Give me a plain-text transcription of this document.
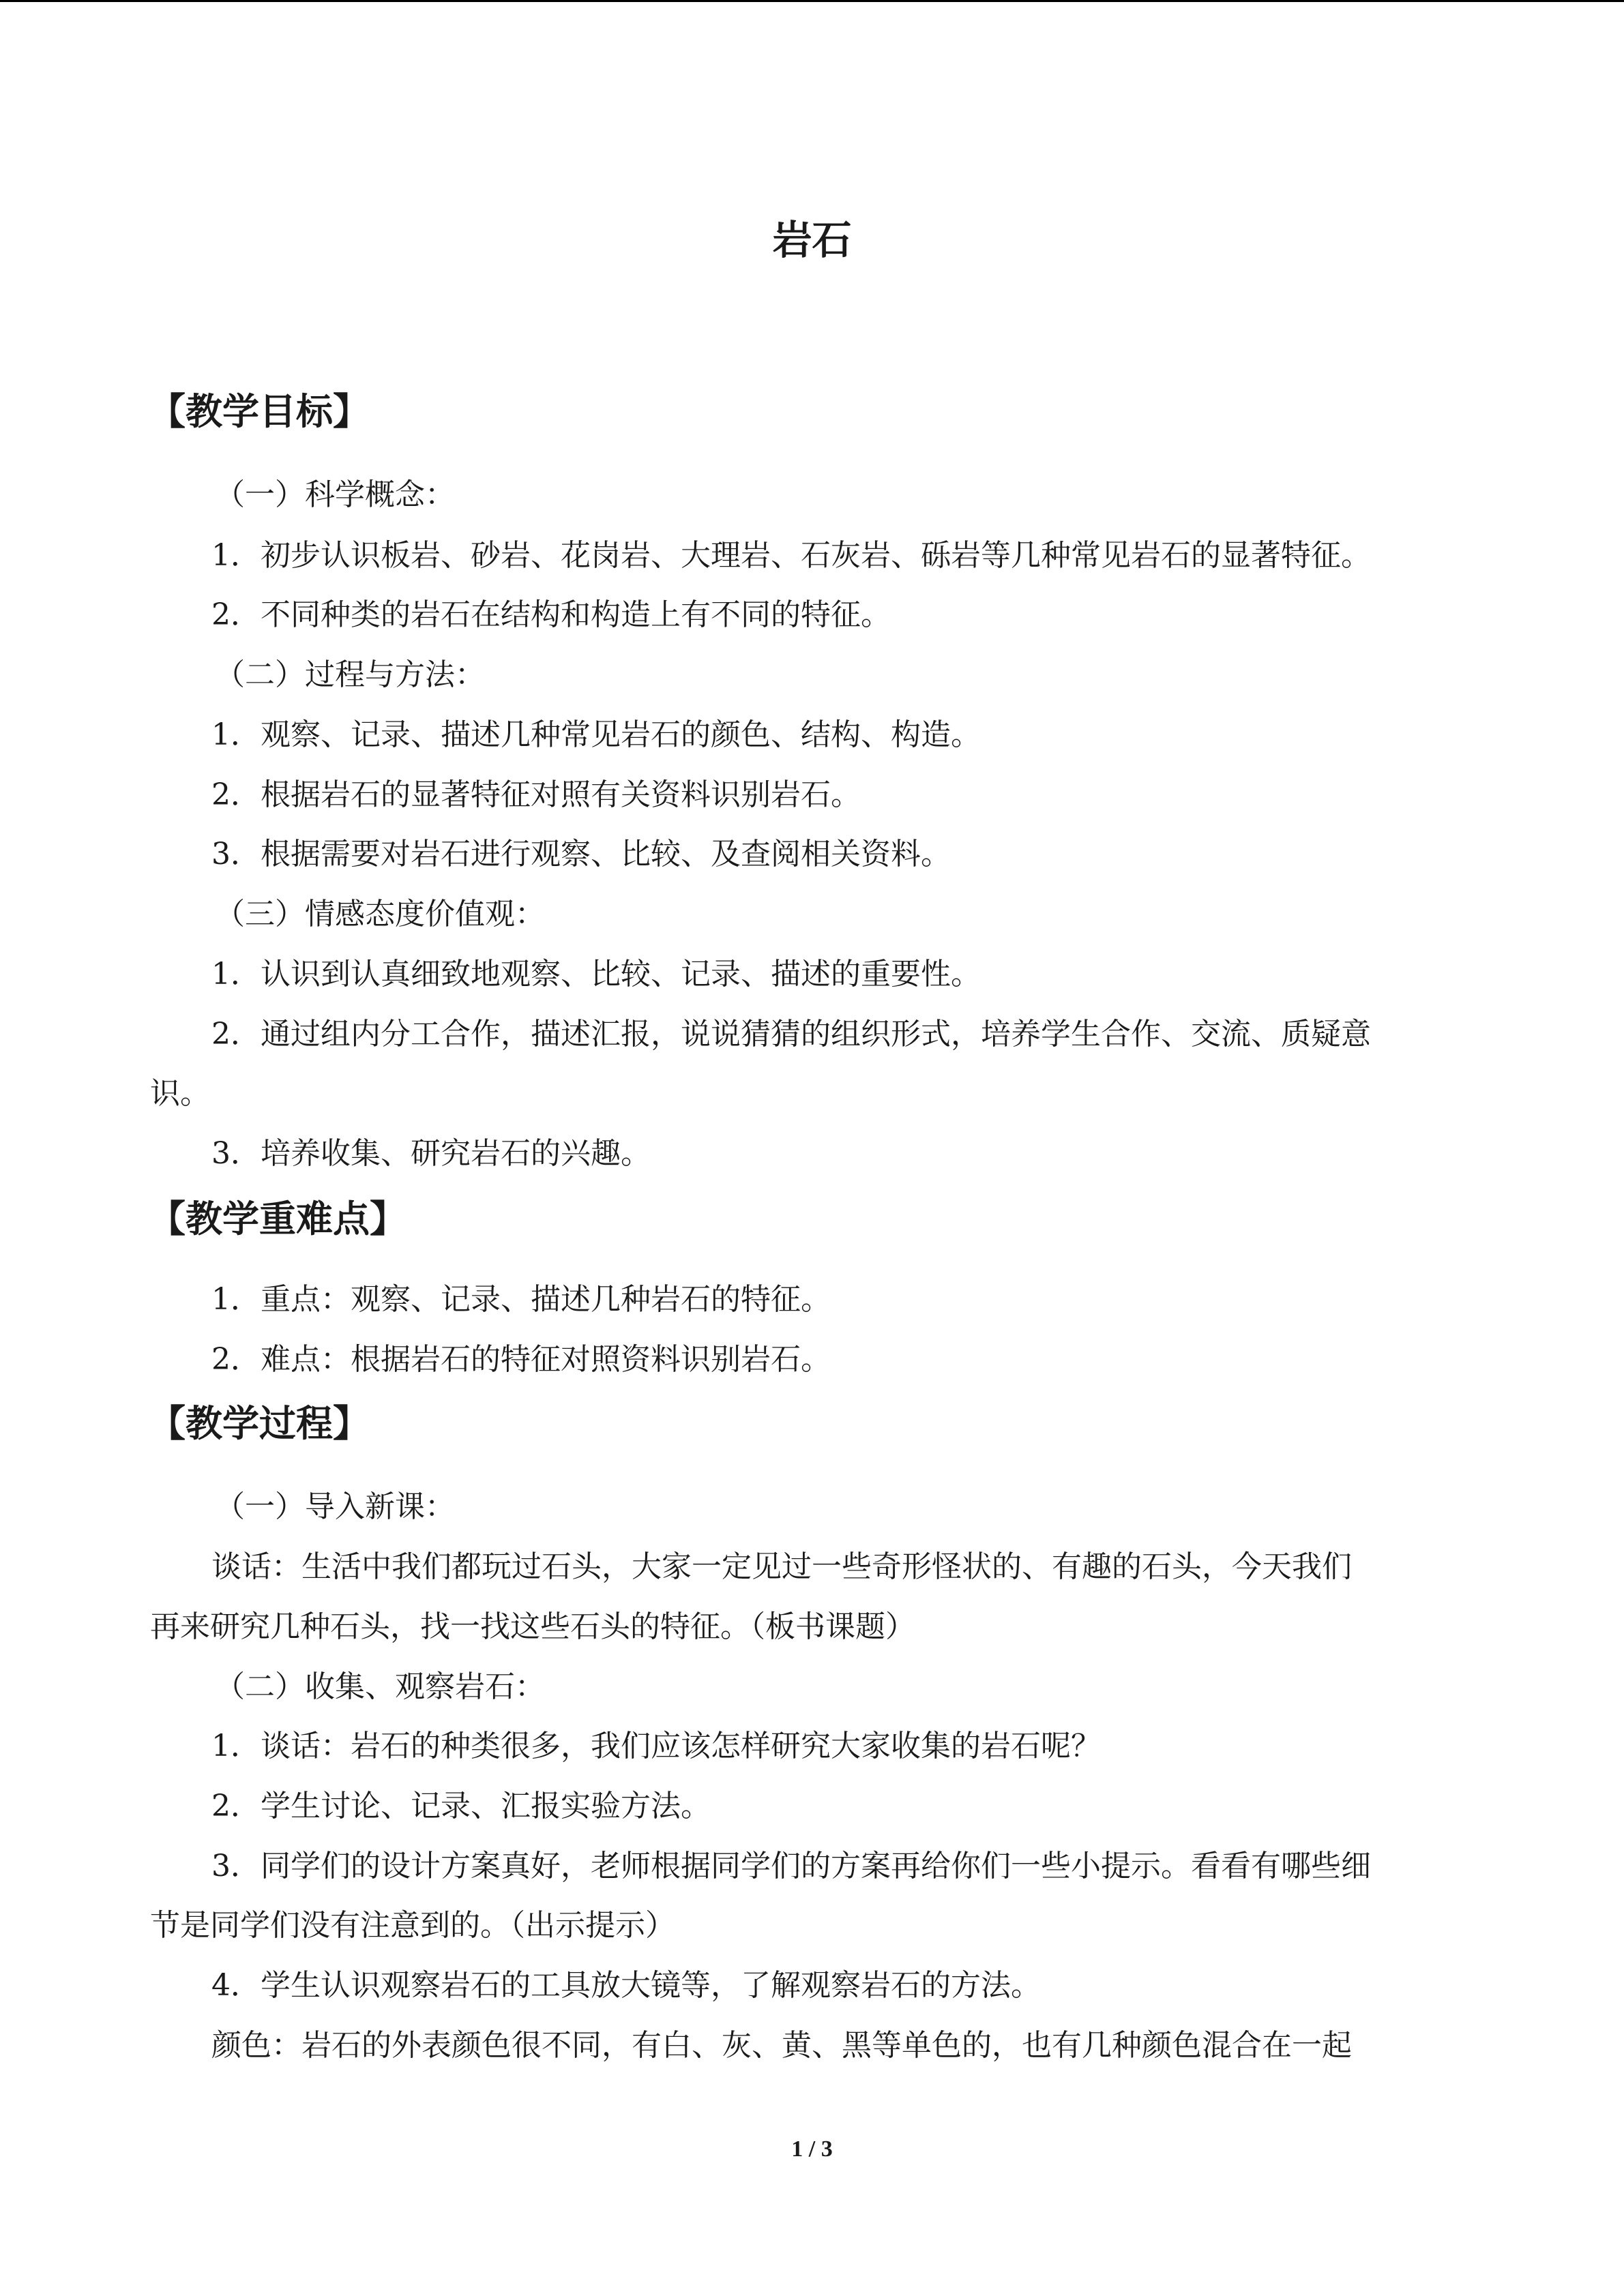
岩石
【教学目标】
（一）科学概念：
1．初步认识板岩、砂岩、花岗岩、大理岩、石灰岩、砾岩等几种常见岩石的显著特征。
2．不同种类的岩石在结构和构造上有不同的特征。
（二）过程与方法：
1．观察、记录、描述几种常见岩石的颜色、结构、构造。
2．根据岩石的显著特征对照有关资料识别岩石。
3．根据需要对岩石进行观察、比较、及查阅相关资料。
（三）情感态度价值观：
1．认识到认真细致地观察、比较、记录、描述的重要性。
2．通过组内分工合作，描述汇报，说说猜猜的组织形式，培养学生合作、交流、质疑意
识。
3．培养收集、研究岩石的兴趣。
【教学重难点】
1．重点：观察、记录、描述几种岩石的特征。
2．难点：根据岩石的特征对照资料识别岩石。
【教学过程】
（一）导入新课：
谈话：生活中我们都玩过石头，大家一定见过一些奇形怪状的、有趣的石头，今天我们
再来研究几种石头，找一找这些石头的特征。（板书课题）
（二）收集、观察岩石：
1．谈话：岩石的种类很多，我们应该怎样研究大家收集的岩石呢？
2．学生讨论、记录、汇报实验方法。
3．同学们的设计方案真好，老师根据同学们的方案再给你们一些小提示。看看有哪些细
节是同学们没有注意到的。（出示提示）
4．学生认识观察岩石的工具放大镜等，了解观察岩石的方法。
颜色：岩石的外表颜色很不同，有白、灰、黄、黑等单色的，也有几种颜色混合在一起
1 / 3
